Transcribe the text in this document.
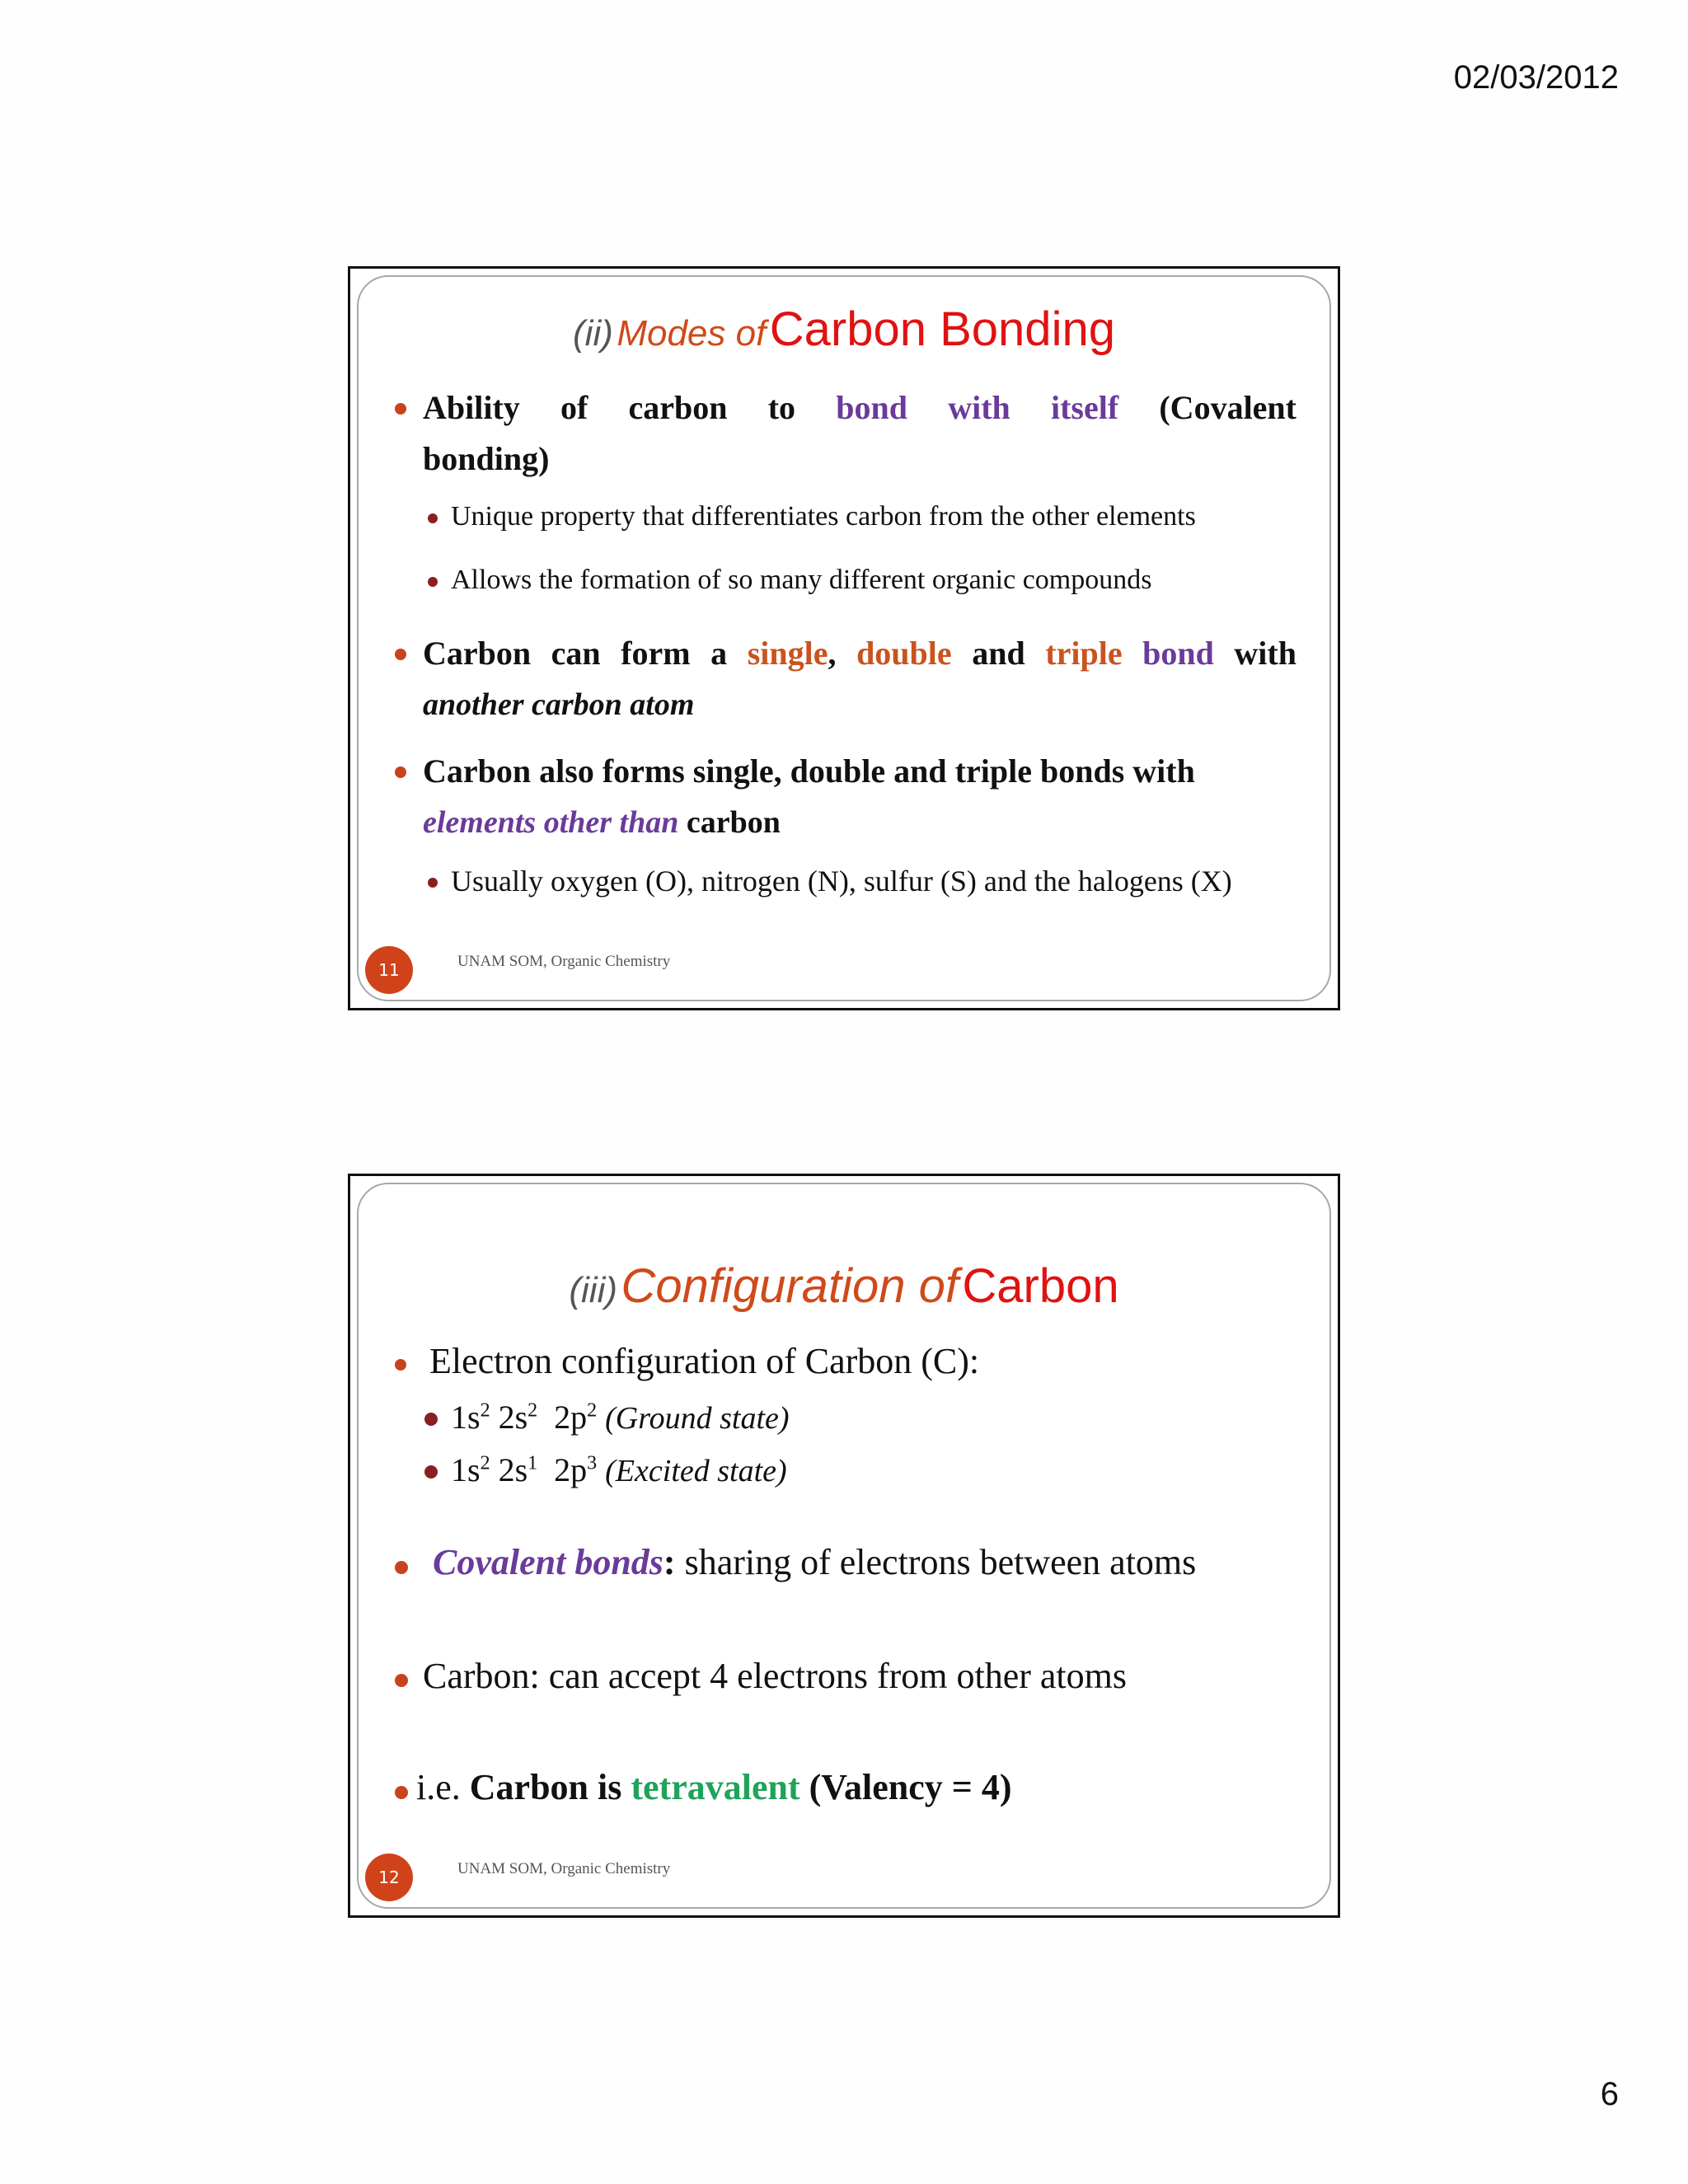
02/03/2012
(ii) Modes of Carbon Bonding
Ability of carbon to bond with itself (Covalent
bonding)
Unique property that differentiates carbon from the other elements
Allows the formation of so many different organic compounds
Carbon can form a single, double and triple bond with
another carbon atom
Carbon also forms single, double and triple bonds with
elements other than carbon
Usually oxygen (O), nitrogen (N), sulfur (S) and the halogens (X)
11	UNAM SOM, Organic Chemistry
(iii) Configuration of Carbon
Electron configuration of Carbon (C):
$1s^2$ $2s^2$ $2p^2$ (Ground state)
$1s^2$ $2s^1$ $2p^3$ (Excited state)
Covalent bonds: sharing of electrons between atoms
Carbon: can accept 4 electrons from other atoms
i.e. Carbon is tetravalent (Valency = 4)
12	UNAM SOM, Organic Chemistry
6
